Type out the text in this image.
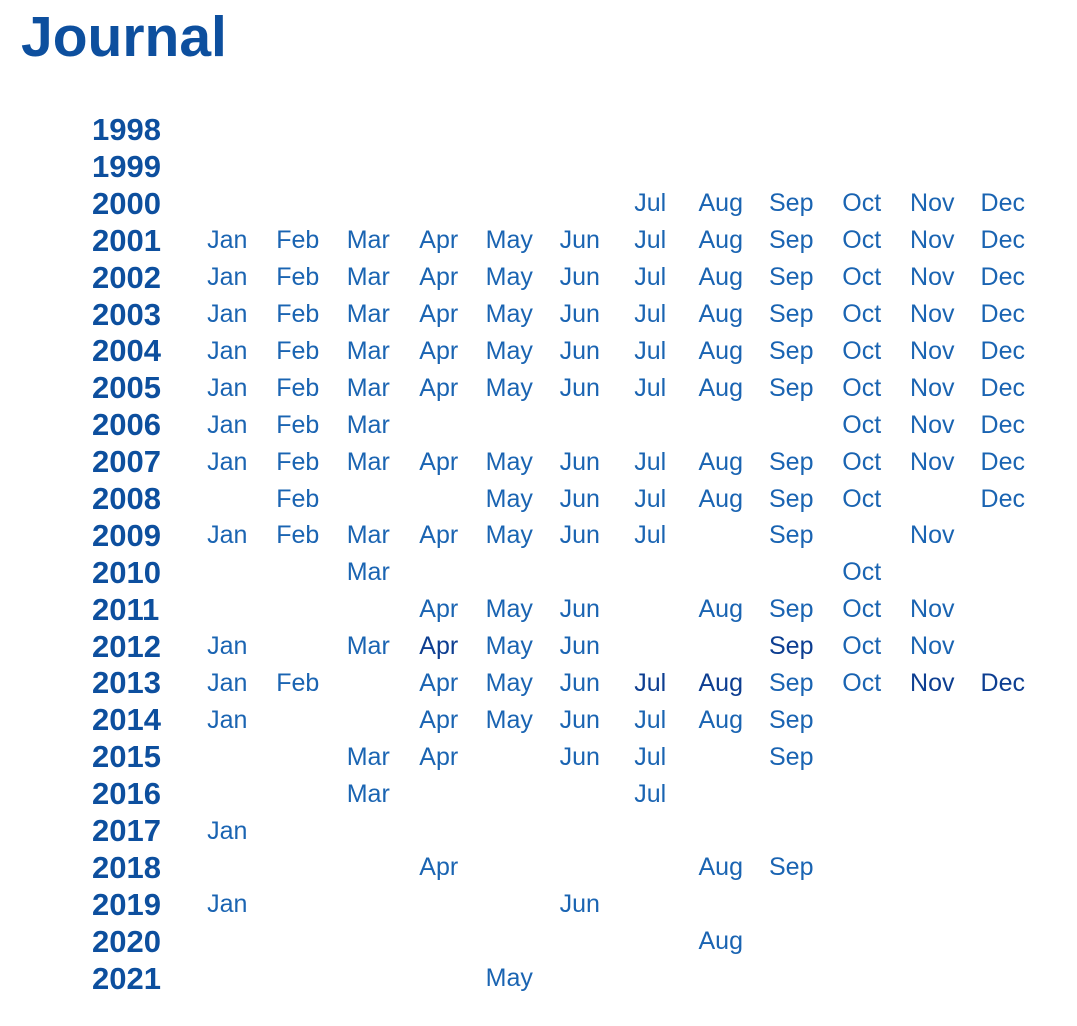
Journal
1998
1999
2000	Jul	Aug	Sep	Oct	Nov	Dec
2001	Jan	Feb	Mar	Apr	May	Jun	Jul	Aug	Sep	Oct	Nov	Dec
2002	Jan	Feb	Mar	Apr	May	Jun	Jul	Aug	Sep	Oct	Nov	Dec
2003	Jan	Feb	Mar	Apr	May	Jun	Jul	Aug	Sep	Oct	Nov	Dec
2004	Jan	Feb	Mar	Apr	May	Jun	Jul	Aug	Sep	Oct	Nov	Dec
2005	Jan	Feb	Mar	Apr	May	Jun	Jul	Aug	Sep	Oct	Nov	Dec
2006	Jan	Feb	Mar	Oct	Nov	Dec
2007	Jan	Feb	Mar	Apr	May	Jun	Jul	Aug	Sep	Oct	Nov	Dec
2008	Feb	May	Jun	Jul	Aug	Sep	Oct	Dec
2009	Jan	Feb	Mar	Apr	May	Jun	Jul	Sep	Nov
2010	Mar	Oct
2011	Apr	May	Jun	Aug	Sep	Oct	Nov
2012	Jan	Mar	Apr	May	Jun	Sep	Oct	Nov
2013	Jan	Feb	Apr	May	Jun	Jul	Aug	Sep	Oct	Nov	Dec
2014	Jan	Apr	May	Jun	Jul	Aug	Sep
2015	Mar	Apr	Jun	Jul	Sep
2016	Mar	Jul
2017	Jan
2018	Apr	Aug	Sep
2019	Jan	Jun
2020	Aug
2021	May
